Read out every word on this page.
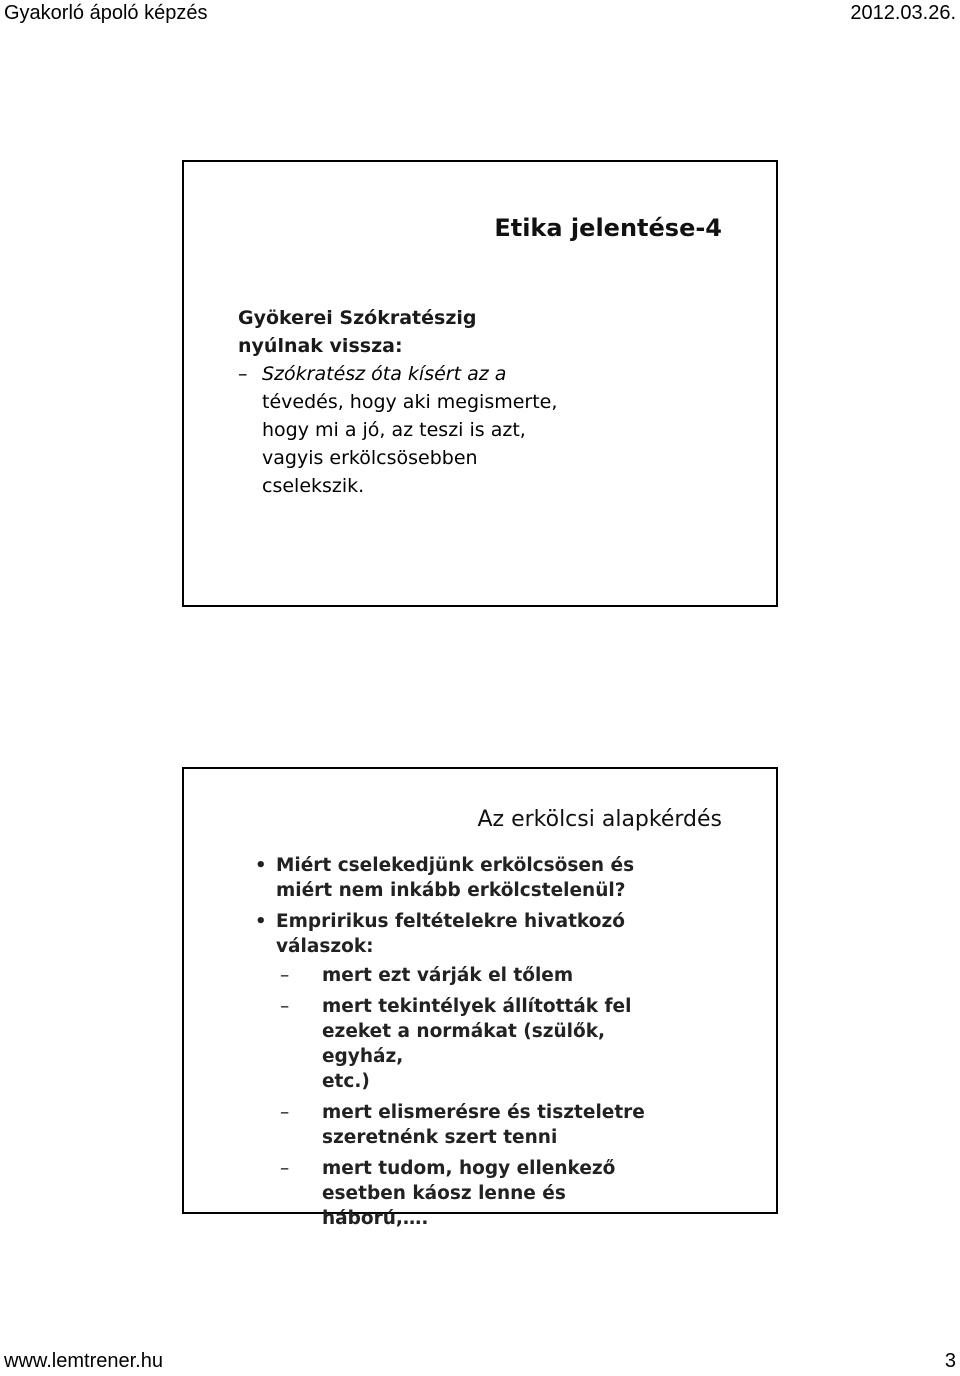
Gyakorló ápoló képzés	2012.03.26.
Etika jelentése-4
Gyökerei Szókratészig
nyúlnak vissza:
– Szókratész óta kísért az a
tévedés, hogy aki megismerte,
hogy mi a jó, az teszi is azt,
vagyis erkölcsösebben
cselekszik.
Az erkölcsi alapkérdés
• Miért cselekedjünk erkölcsösen és
miért nem inkább erkölcstelenül?
• Empririkus feltételekre hivatkozó
válaszok:
– mert ezt várják el tőlem
– mert tekintélyek állították fel
ezeket a normákat (szülők, egyház,
etc.)
– mert elismerésre és tiszteletre
szeretnénk szert tenni
– mert tudom, hogy ellenkező
esetben káosz lenne és háború,….
www.lemtrener.hu	3
